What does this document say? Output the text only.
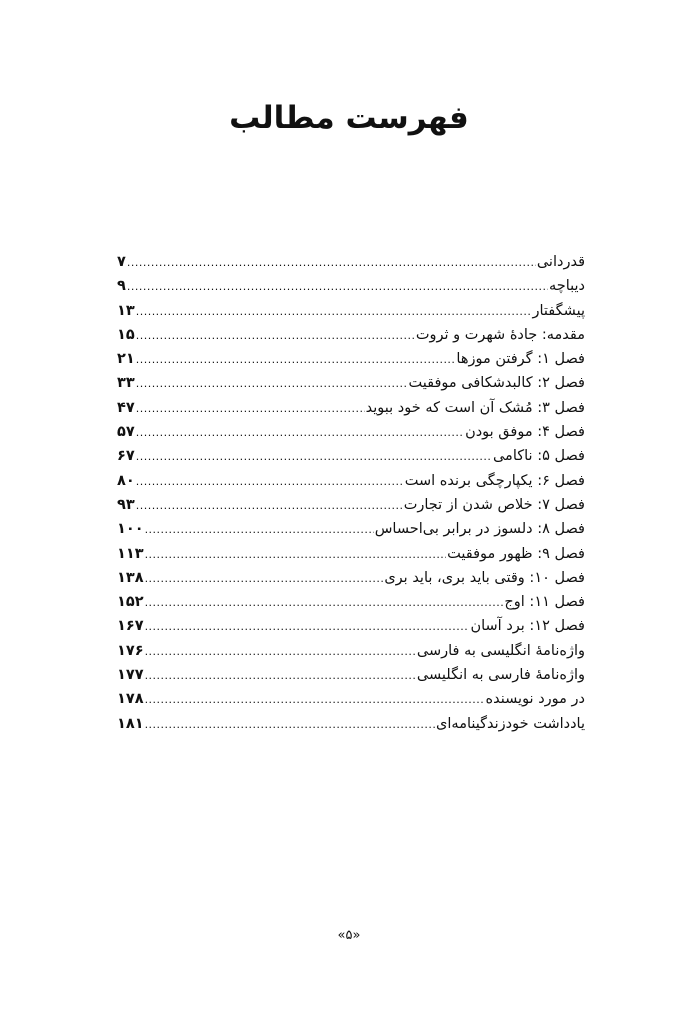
فهرست مطالب
قدردانی
.....
۷
دیباچه
.....
۹
پیشگفتار
.....
۱۳
مقدمه: جادهٔ شهرت و ثروت
.....
۱۵
فصل ۱: گرفتن موزها
.....
۲۱
فصل ۲: کالبدشکافی موفقیت
.....
۳۳
فصل ۳: مُشک آن است که خود ببوید
.....
۴۷
فصل ۴: موفق بودن
.....
۵۷
فصل ۵: ناکامی
.....
۶۷
فصل ۶: یکپارچگی برنده است
.....
۸۰
فصل ۷: خلاص شدن از تجارت
.....
۹۳
فصل ۸: دلسوز در برابر بی‌احساس
.....
۱۰۰
فصل ۹: ظهور موفقیت
.....
۱۱۳
فصل ۱۰: وقتی باید بری، باید بری
.....
۱۳۸
فصل ۱۱: اوج
.....
۱۵۲
فصل ۱۲: برد آسان
.....
۱۶۷
واژه‌نامهٔ انگلیسی به فارسی
.....
۱۷۶
واژه‌نامهٔ فارسی به انگلیسی
.....
۱۷۷
در مورد نویسنده
.....
۱۷۸
یادداشت خودزندگینامه‌ای
.....
۱۸۱
«۵»
